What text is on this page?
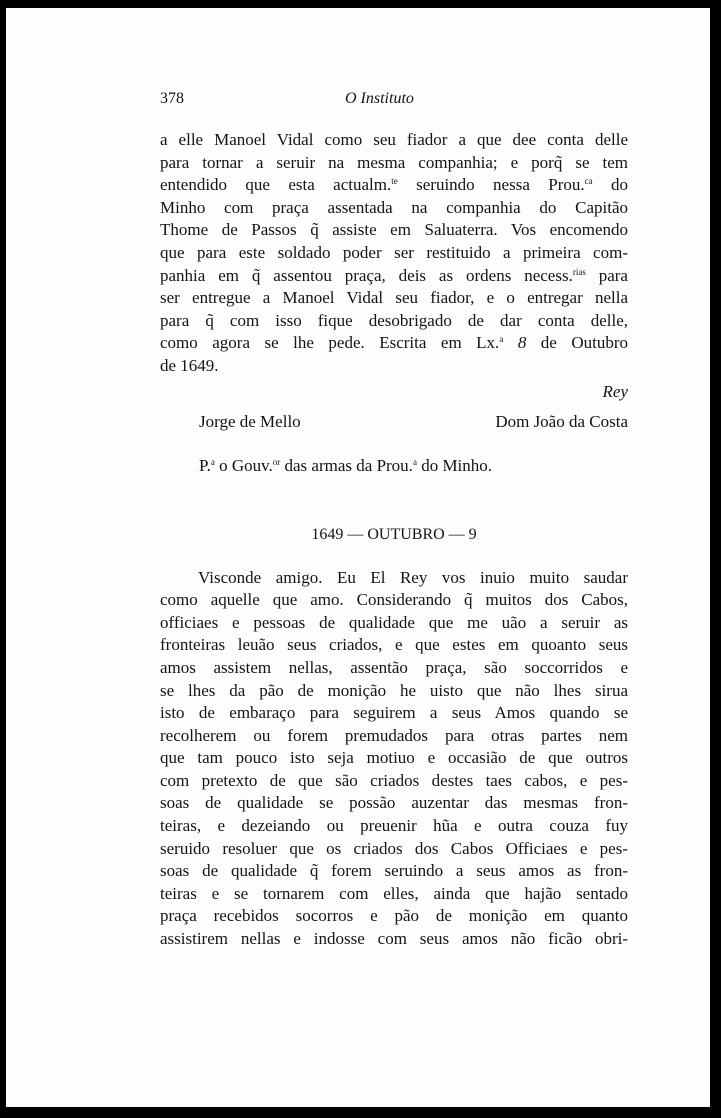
378	O Instituto
a elle Manoel Vidal como seu fiador a que dee conta delle
para tornar a seruir na mesma companhia; e porq̃ se tem
entendido que esta actualm.$^{te}$ seruindo nessa Prou.$^{ca}$ do
Minho com praça assentada na companhia do Capitão
Thome de Passos q̃ assiste em Saluaterra. Vos encomendo
que para este soldado poder ser restituido a primeira com-
panhia em q̃ assentou praça, deis as ordens necess.$^{rias}$ para
ser entregue a Manoel Vidal seu fiador, e o entregar nella
para q̃ com isso fique desobrigado de dar conta delle,
como agora se lhe pede. Escrita em Lx.$^a$ 8 de Outubro
de 1649.
Rey
Jorge de Mello	Dom João da Costa
P.$^a$ o Gouv.$^{or}$ das armas da Prou.$^a$ do Minho.
1649 — OUTUBRO — 9
Visconde amigo. Eu El Rey vos inuio muito saudar
como aquelle que amo. Considerando q̃ muitos dos Cabos,
officiaes e pessoas de qualidade que me uão a seruir as
fronteiras leuão seus criados, e que estes em quoanto seus
amos assistem nellas, assentão praça, são soccorridos e
se lhes da pão de monição he uisto que não lhes sirua
isto de embaraço para seguirem a seus Amos quando se
recolherem ou forem premudados para otras partes nem
que tam pouco isto seja motiuo e occasião de que outros
com pretexto de que são criados destes taes cabos, e pes-
soas de qualidade se possão auzentar das mesmas fron-
teiras, e dezeiando ou preuenir hũa e outra couza fuy
seruido resoluer que os criados dos Cabos Officiaes e pes-
soas de qualidade q̃ forem seruindo a seus amos as fron-
teiras e se tornarem com elles, ainda que hajão sentado
praça recebidos socorros e pão de monição em quanto
assistirem nellas e indosse com seus amos não ficão obri-
